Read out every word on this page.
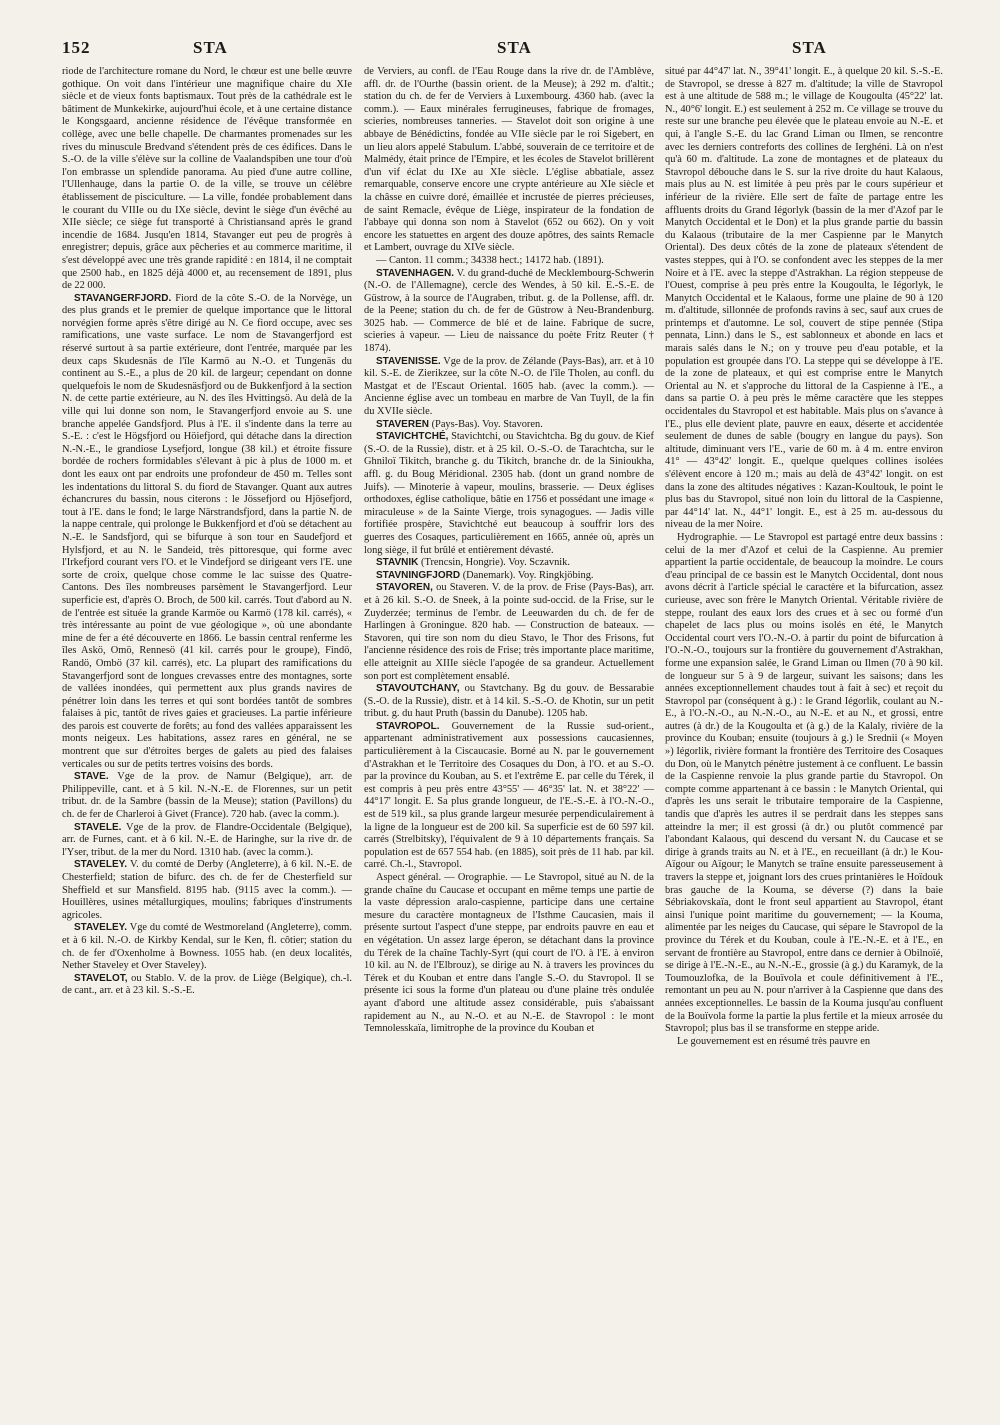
152	STA	STA	STA

riode de l'architecture romane du Nord, le chœur est une belle œuvre gothique. On voit dans l'intérieur une magnifique chaire du XIe siècle et de vieux fonts baptismaux. Tout près de la cathédrale est le bâtiment de Munkekirke, aujourd'hui école, et à une certaine distance le Kongsgaard, ancienne résidence de l'évêque transformée en collège, avec une belle chapelle. De charmantes promenades sur les rives du minuscule Bredvand s'étendent près de ces édifices. Dans le S.-O. de la ville s'élève sur la colline de Vaalandspiben une tour d'où l'on embrasse un splendide panorama. Au pied d'une autre colline, l'Ullenhauge, dans la partie O. de la ville, se trouve un célèbre établissement de pisciculture. — La ville, fondée probablement dans le courant du VIIIe ou du IXe siècle, devint le siège d'un évêché au XIIe siècle; ce siège fut transporté à Christiansand après le grand incendie de 1684. Jusqu'en 1814, Stavanger eut peu de progrès à enregistrer; depuis, grâce aux pêcheries et au commerce maritime, il s'est développé avec une très grande rapidité : en 1814, il ne comptait que 2500 hab., en 1825 déjà 4000 et, au recensement de 1891, plus de 22 000.

STAVANGERFJORD. Fiord de la côte S.-O. de la Norvège, un des plus grands et le premier de quelque importance que le littoral norvégien forme après s'être dirigé au N. Ce fiord occupe, avec ses ramifications, une vaste surface. Le nom de Stavangerfjord est réservé surtout à sa partie extérieure, dont l'entrée, marquée par les deux caps Skudesnäs de l'île Karmö au N.-O. et Tungenäs du continent au S.-E., a plus de 20 kil. de largeur; cependant on donne quelquefois le nom de Skudesnäsfjord ou de Bukkenfjord à la section N. de cette partie extérieure, au N. des îles Hvittingsö. Au delà de la ville qui lui donne son nom, le Stavangerfjord envoie au S. une branche appelée Gandsfjord. Plus à l'E. il s'indente dans la terre au S.-E. : c'est le Högsfjord ou Höiefjord, qui détache dans la direction N.-N.-E., le grandiose Lysefjord, longue (38 kil.) et étroite fissure bordée de rochers formidables s'élevant à pic à plus de 1000 m. et dont les eaux ont par endroits une profondeur de 450 m. Telles sont les indentations du littoral S. du fiord de Stavanger. Quant aux autres échancrures du bassin, nous citerons : le Jössefjord ou Hjösefjord, tout à l'E. dans le fond; le large Närstrandsfjord, dans la partie N. de la nappe centrale, qui prolonge le Bukkenfjord et d'où se détachent au N.-E. le Sandsfjord, qui se bifurque à son tour en Saudefjord et Hylsfjord, et au N. le Sandeid, très pittoresque, qui forme avec l'Irkefjord courant vers l'O. et le Vindefjord se dirigeant vers l'E. une sorte de croix, quelque chose comme le lac suisse des Quatre-Cantons. Des îles nombreuses parsèment le Stavangerfjord. Leur superficie est, d'après O. Broch, de 500 kil. carrés. Tout d'abord au N. de l'entrée est située la grande Karmöe ou Karmö (178 kil. carrés), « très intéressante au point de vue géologique », où une abondante mine de fer a été découverte en 1866. Le bassin central renferme les îles Askö, Omö, Rennesö (41 kil. carrés pour le groupe), Findö, Randö, Ombö (37 kil. carrés), etc. La plupart des ramifications du Stavangerfjord sont de longues crevasses entre des montagnes, sorte de vallées inondées, qui permettent aux plus grands navires de pénétrer loin dans les terres et qui sont bordées tantôt de sombres falaises à pic, tantôt de rives gaies et gracieuses. La partie inférieure des parois est couverte de forêts; au fond des vallées apparaissent les monts neigeux. Les habitations, assez rares en général, ne se montrent que sur d'étroites berges de galets au pied des falaises verticales ou sur de petits tertres voisins des bords.

STAVE. Vge de la prov. de Namur (Belgique), arr. de Philippeville, cant. et à 5 kil. N.-N.-E. de Florennes, sur un petit tribut. dr. de la Sambre (bassin de la Meuse); station (Pavillons) du ch. de fer de Charleroi à Givet (France). 720 hab. (avec la comm.).

STAVELE. Vge de la prov. de Flandre-Occidentale (Belgique), arr. de Furnes, cant. et à 6 kil. N.-E. de Haringhe, sur la rive dr. de l'Yser, tribut. de la mer du Nord. 1310 hab. (avec la comm.).

STAVELEY. V. du comté de Derby (Angleterre), à 6 kil. N.-E. de Chesterfield; station de bifurc. des ch. de fer de Chesterfield sur Sheffield et sur Mansfield. 8195 hab. (9115 avec la comm.). — Houillères, usines métallurgiques, moulins; fabriques d'instruments agricoles.

STAVELEY. Vge du comté de Westmoreland (Angleterre), comm. et à 6 kil. N.-O. de Kirkby Kendal, sur le Ken, fl. côtier; station du ch. de fer d'Oxenholme à Bowness. 1055 hab. (en deux localités, Nether Staveley et Over Staveley).

STAVELOT, ou Stablo. V. de la prov. de Liège (Belgique), ch.-l. de cant., arr. et à 23 kil. S.-S.-E.

de Verviers, au confl. de l'Eau Rouge dans la rive dr. de l'Amblève, affl. dr. de l'Ourthe (bassin orient. de la Meuse); à 292 m. d'altit.; station du ch. de fer de Verviers à Luxembourg. 4360 hab. (avec la comm.). — Eaux minérales ferrugineuses, fabrique de fromages, scieries, nombreuses tanneries. — Stavelot doit son origine à une abbaye de Bénédictins, fondée au VIIe siècle par le roi Sigebert, en un lieu alors appelé Stabulum. L'abbé, souverain de ce territoire et de Malmédy, était prince de l'Empire, et les écoles de Stavelot brillèrent d'un vif éclat du IXe au XIe siècle. L'église abbatiale, assez remarquable, conserve encore une crypte antérieure au XIe siècle et la châsse en cuivre doré, émaillée et incrustée de pierres précieuses, de saint Remacle, évêque de Liège, inspirateur de la fondation de l'abbaye qui donna son nom à Stavelot (652 ou 662). On y voit encore les statuettes en argent des douze apôtres, des saints Remacle et Lambert, ouvrage du XIVe siècle.

— Canton. 11 comm.; 34338 hect.; 14172 hab. (1891).

STAVENHAGEN. V. du grand-duché de Mecklembourg-Schwerin (N.-O. de l'Allemagne), cercle des Wendes, à 50 kil. E.-S.-E. de Güstrow, à la source de l'Augraben, tribut. g. de la Pollense, affl. dr. de la Peene; station du ch. de fer de Güstrow à Neu-Brandenburg. 3025 hab. — Commerce de blé et de laine. Fabrique de sucre, scieries à vapeur. — Lieu de naissance du poète Fritz Reuter († 1874).

STAVENISSE. Vge de la prov. de Zélande (Pays-Bas), arr. et à 10 kil. S.-E. de Zierikzee, sur la côte N.-O. de l'île Tholen, au confl. du Mastgat et de l'Escaut Oriental. 1605 hab. (avec la comm.). — Ancienne église avec un tombeau en marbre de Van Tuyll, de la fin du XVIIe siècle.

STAVEREN (Pays-Bas). Voy. Stavoren.

STAVICHTCHÉ, Stavichtchi, ou Stavichtcha. Bg du gouv. de Kief (S.-O. de la Russie), distr. et à 25 kil. O.-S.-O. de Tarachtcha, sur le Ghniloï Tikitch, branche g. du Tikitch, branche dr. de la Sinioukha, affl. g. du Boug Méridional. 2305 hab. (dont un grand nombre de Juifs). — Minoterie à vapeur, moulins, brasserie. — Deux églises orthodoxes, église catholique, bâtie en 1756 et possédant une image « miraculeuse » de la Sainte Vierge, trois synagogues. — Jadis ville fortifiée prospère, Stavichtché eut beaucoup à souffrir lors des guerres des Cosaques, particulièrement en 1665, année où, après un long siège, il fut brûlé et entièrement dévasté.

STAVNIK (Trencsin, Hongrie). Voy. Sczavnik.

STAVNINGFJORD (Danemark). Voy. Ringkjöbing.

STAVOREN, ou Staveren. V. de la prov. de Frise (Pays-Bas), arr. et à 26 kil. S.-O. de Sneek, à la pointe sud-occid. de la Frise, sur le Zuyderzée; terminus de l'embr. de Leeuwarden du ch. de fer de Harlingen à Groningue. 820 hab. — Construction de bateaux. — Stavoren, qui tire son nom du dieu Stavo, le Thor des Frisons, fut l'ancienne résidence des rois de Frise; très importante place maritime, elle atteignit au XIIIe siècle l'apogée de sa grandeur. Actuellement son port est complètement ensablé.

STAVOUTCHANY, ou Stavtchany. Bg du gouv. de Bessarabie (S.-O. de la Russie), distr. et à 14 kil. S.-S.-O. de Khotin, sur un petit tribut. g. du haut Pruth (bassin du Danube). 1205 hab.

STAVROPOL. Gouvernement de la Russie sud-orient., appartenant administrativement aux possessions caucasiennes, particulièrement à la Ciscaucasie. Borné au N. par le gouvernement d'Astrakhan et le Territoire des Cosaques du Don, à l'O. et au S.-O. par la province du Kouban, au S. et l'extrême E. par celle du Térek, il est compris à peu près entre 43°55' — 46°35' lat. N. et 38°22' — 44°17' longit. E. Sa plus grande longueur, de l'E.-S.-E. à l'O.-N.-O., est de 519 kil., sa plus grande largeur mesurée perpendiculairement à la ligne de la longueur est de 200 kil. Sa superficie est de 60 597 kil. carrés (Strelbitsky), l'équivalent de 9 à 10 départements français. Sa population est de 657 554 hab. (en 1885), soit près de 11 hab. par kil. carré. Ch.-l., Stavropol.

Aspect général. — Orographie. — Le Stavropol, situé au N. de la grande chaîne du Caucase et occupant en même temps une partie de la vaste dépression aralo-caspienne, participe dans une certaine mesure du caractère montagneux de l'Isthme Caucasien, mais il présente surtout l'aspect d'une steppe, par endroits pauvre en eau et en végétation. Un assez large éperon, se détachant dans la province du Térek de la chaîne Tachly-Syrt (qui court de l'O. à l'E. à environ 10 kil. au N. de l'Elbrouz), se dirige au N. à travers les provinces du Térek et du Kouban et entre dans l'angle S.-O. du Stavropol. Il se présente ici sous la forme d'un plateau ou d'une plaine très ondulée ayant d'abord une altitude assez considérable, puis s'abaissant rapidement au N., au N.-O. et au N.-E. de Stavropol : le mont Temnolesskaïa, limitrophe de la province du Kouban et

situé par 44°47' lat. N., 39°41' longit. E., à quelque 20 kil. S.-S.-E. de Stavropol, se dresse à 827 m. d'altitude; la ville de Stavropol est à une altitude de 588 m.; le village de Kougoulta (45°22' lat. N., 40°6' longit. E.) est seulement à 252 m. Ce village se trouve du reste sur une branche peu élevée que le plateau envoie au N.-E. et qui, à l'angle S.-E. du lac Grand Liman ou Ilmen, se rencontre avec les derniers contreforts des collines de Ierghéni. Là on n'est qu'à 60 m. d'altitude. La zone de montagnes et de plateaux du Stavropol débouche dans le S. sur la rive droite du haut Kalaous, mais plus au N. est limitée à peu près par le cours supérieur et inférieur de la rivière. Elle sert de faîte de partage entre les affluents droits du Grand Iégorlyk (bassin de la mer d'Azof par le Manytch Occidental et le Don) et la plus grande partie du bassin du Kalaous (tributaire de la mer Caspienne par le Manytch Oriental). Des deux côtés de la zone de plateaux s'étendent de vastes steppes, qui à l'O. se confondent avec les steppes de la mer Noire et à l'E. avec la steppe d'Astrakhan. La région steppeuse de l'Ouest, comprise à peu près entre la Kougoulta, le Iégorlyk, le Manytch Occidental et le Kalaous, forme une plaine de 90 à 120 m. d'altitude, sillonnée de profonds ravins à sec, sauf aux crues de printemps et d'automne. Le sol, couvert de stipe pennée (Stipa pennata, Linn.) dans le S., est sablonneux et abonde en lacs et marais salés dans le N.; on y trouve peu d'eau potable, et la population est groupée dans l'O. La steppe qui se développe à l'E. de la zone de plateaux, et qui est comprise entre le Manytch Oriental au N. et s'approche du littoral de la Caspienne à l'E., a dans sa partie O. à peu près le même caractère que les steppes occidentales du Stavropol et est habitable. Mais plus on s'avance à l'E., plus elle devient plate, pauvre en eaux, déserte et accidentée seulement de dunes de sable (bougry en langue du pays). Son altitude, diminuant vers l'E., varie de 60 m. à 4 m. entre environ 41° — 43°42' longit. E., quelque quelques collines isolées s'élèvent encore à 120 m.; mais au delà de 43°42' longit. on est dans la zone des altitudes négatives : Kazan-Koultouk, le point le plus bas du Stavropol, situé non loin du littoral de la Caspienne, par 44°14' lat. N., 44°1' longit. E., est à 25 m. au-dessous du niveau de la mer Noire.

Hydrographie. — Le Stavropol est partagé entre deux bassins : celui de la mer d'Azof et celui de la Caspienne. Au premier appartient la partie occidentale, de beaucoup la moindre. Le cours d'eau principal de ce bassin est le Manytch Occidental, dont nous avons décrit à l'article spécial le caractère et la bifurcation, assez curieuse, avec son frère le Manytch Oriental. Véritable rivière de steppe, roulant des eaux lors des crues et à sec ou formé d'un chapelet de lacs plus ou moins isolés en été, le Manytch Occidental court vers l'O.-N.-O. à partir du point de bifurcation à l'O.-N.-O., toujours sur la frontière du gouvernement d'Astrakhan, forme une expansion salée, le Grand Liman ou Ilmen (70 à 90 kil. de longueur sur 5 à 9 de largeur, suivant les saisons; dans les années exceptionnellement chaudes tout à fait à sec) et reçoit du Stavropol par (conséquent à g.) : le Grand Iégorlik, coulant au N.-E., à l'O.-N.-O., au N.-N.-O., au N.-E. et au N., et grossi, entre autres (à dr.) de la Kougoulta et (à g.) de la Kalaly, rivière de la province du Kouban; ensuite (toujours à g.) le Srednii (« Moyen ») Iégorlik, rivière formant la frontière des Territoire des Cosaques du Don, où le Manytch pénètre justement à ce confluent. Le bassin de la Caspienne renvoie la plus grande partie du Stavropol. On compte comme appartenant à ce bassin : le Manytch Oriental, qui d'après les uns serait le tributaire temporaire de la Caspienne, tandis que d'après les autres il se perdrait dans les steppes sans atteindre la mer; il est grossi (à dr.) ou plutôt commencé par l'abondant Kalaous, qui descend du versant N. du Caucase et se dirige à grands traits au N. et à l'E., en recueillant (à dr.) le Kou-Aïgour ou Aïgour; le Manytch se traîne ensuite paresseusement à travers la steppe et, joignant lors des crues printanières le Hoïdouk bras gauche de la Kouma, se déverse (?) dans la baie Sébriakovskaïa, dont le front seul appartient au Stavropol, étant ainsi l'unique point maritime du gouvernement; — la Kouma, alimentée par les neiges du Caucase, qui sépare le Stavropol de la province du Térek et du Kouban, coule à l'E.-N.-E. et à l'E., en servant de frontière au Stavropol, entre dans ce dernier à Obilnoïé, se dirige à l'E.-N.-E., au N.-N.-E., grossie (à g.) du Karamyk, de la Toumouzlofka, de la Bouïvola et coule définitivement à l'E., remontant un peu au N. pour n'arriver à la Caspienne que dans des années exceptionnelles. Le bassin de la Kouma jusqu'au confluent de la Bouïvola forme la partie la plus fertile et la mieux arrosée du Stavropol; plus bas il se transforme en steppe aride.

Le gouvernement est en résumé très pauvre en
